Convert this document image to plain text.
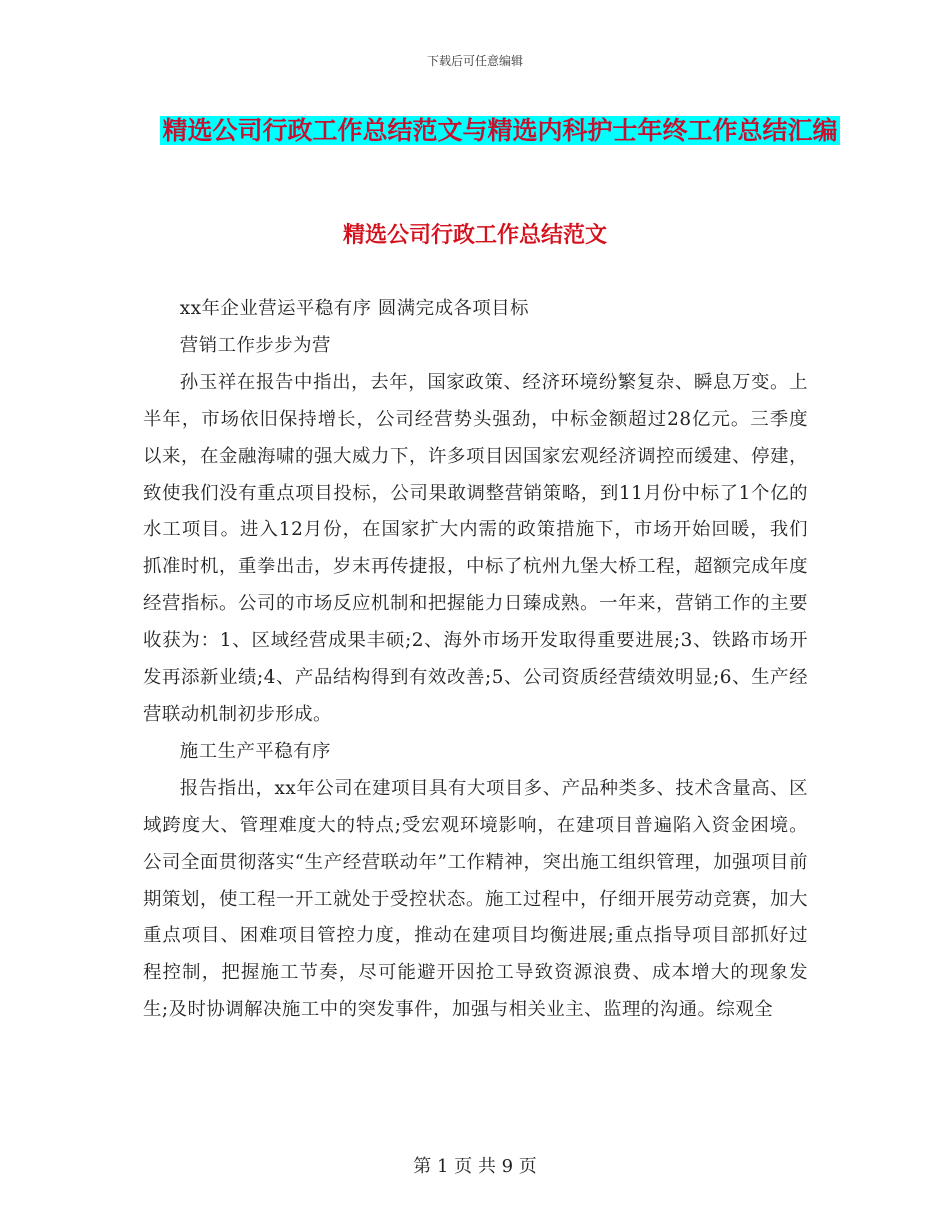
下载后可任意编辑
精选公司行政工作总结范文与精选内科护士年终工作总结汇编
精选公司行政工作总结范文

xx年企业营运平稳有序 圆满完成各项目标

营销工作步步为营

孙玉祥在报告中指出，去年，国家政策、经济环境纷繁复杂、瞬息万变。上半年，市场依旧保持增长，公司经营势头强劲，中标金额超过28亿元。三季度以来，在金融海啸的强大威力下，许多项目因国家宏观经济调控而缓建、停建，致使我们没有重点项目投标，公司果敢调整营销策略，到11月份中标了1个亿的水工项目。进入12月份，在国家扩大内需的政策措施下，市场开始回暖，我们抓准时机，重拳出击，岁末再传捷报，中标了杭州九堡大桥工程，超额完成年度经营指标。公司的市场反应机制和把握能力日臻成熟。一年来，营销工作的主要收获为：1、区域经营成果丰硕;2、海外市场开发取得重要进展;3、铁路市场开发再添新业绩;4、产品结构得到有效改善;5、公司资质经营绩效明显;6、生产经营联动机制初步形成。

施工生产平稳有序

报告指出，xx年公司在建项目具有大项目多、产品种类多、技术含量高、区域跨度大、管理难度大的特点;受宏观环境影响，在建项目普遍陷入资金困境。公司全面贯彻落实“生产经营联动年”工作精神，突出施工组织管理，加强项目前期策划，使工程一开工就处于受控状态。施工过程中，仔细开展劳动竞赛，加大重点项目、困难项目管控力度，推动在建项目均衡进展;重点指导项目部抓好过程控制，把握施工节奏，尽可能避开因抢工导致资源浪费、成本增大的现象发生;及时协调解决施工中的突发事件，加强与相关业主、监理的沟通。综观全

第 1 页 共 9 页
